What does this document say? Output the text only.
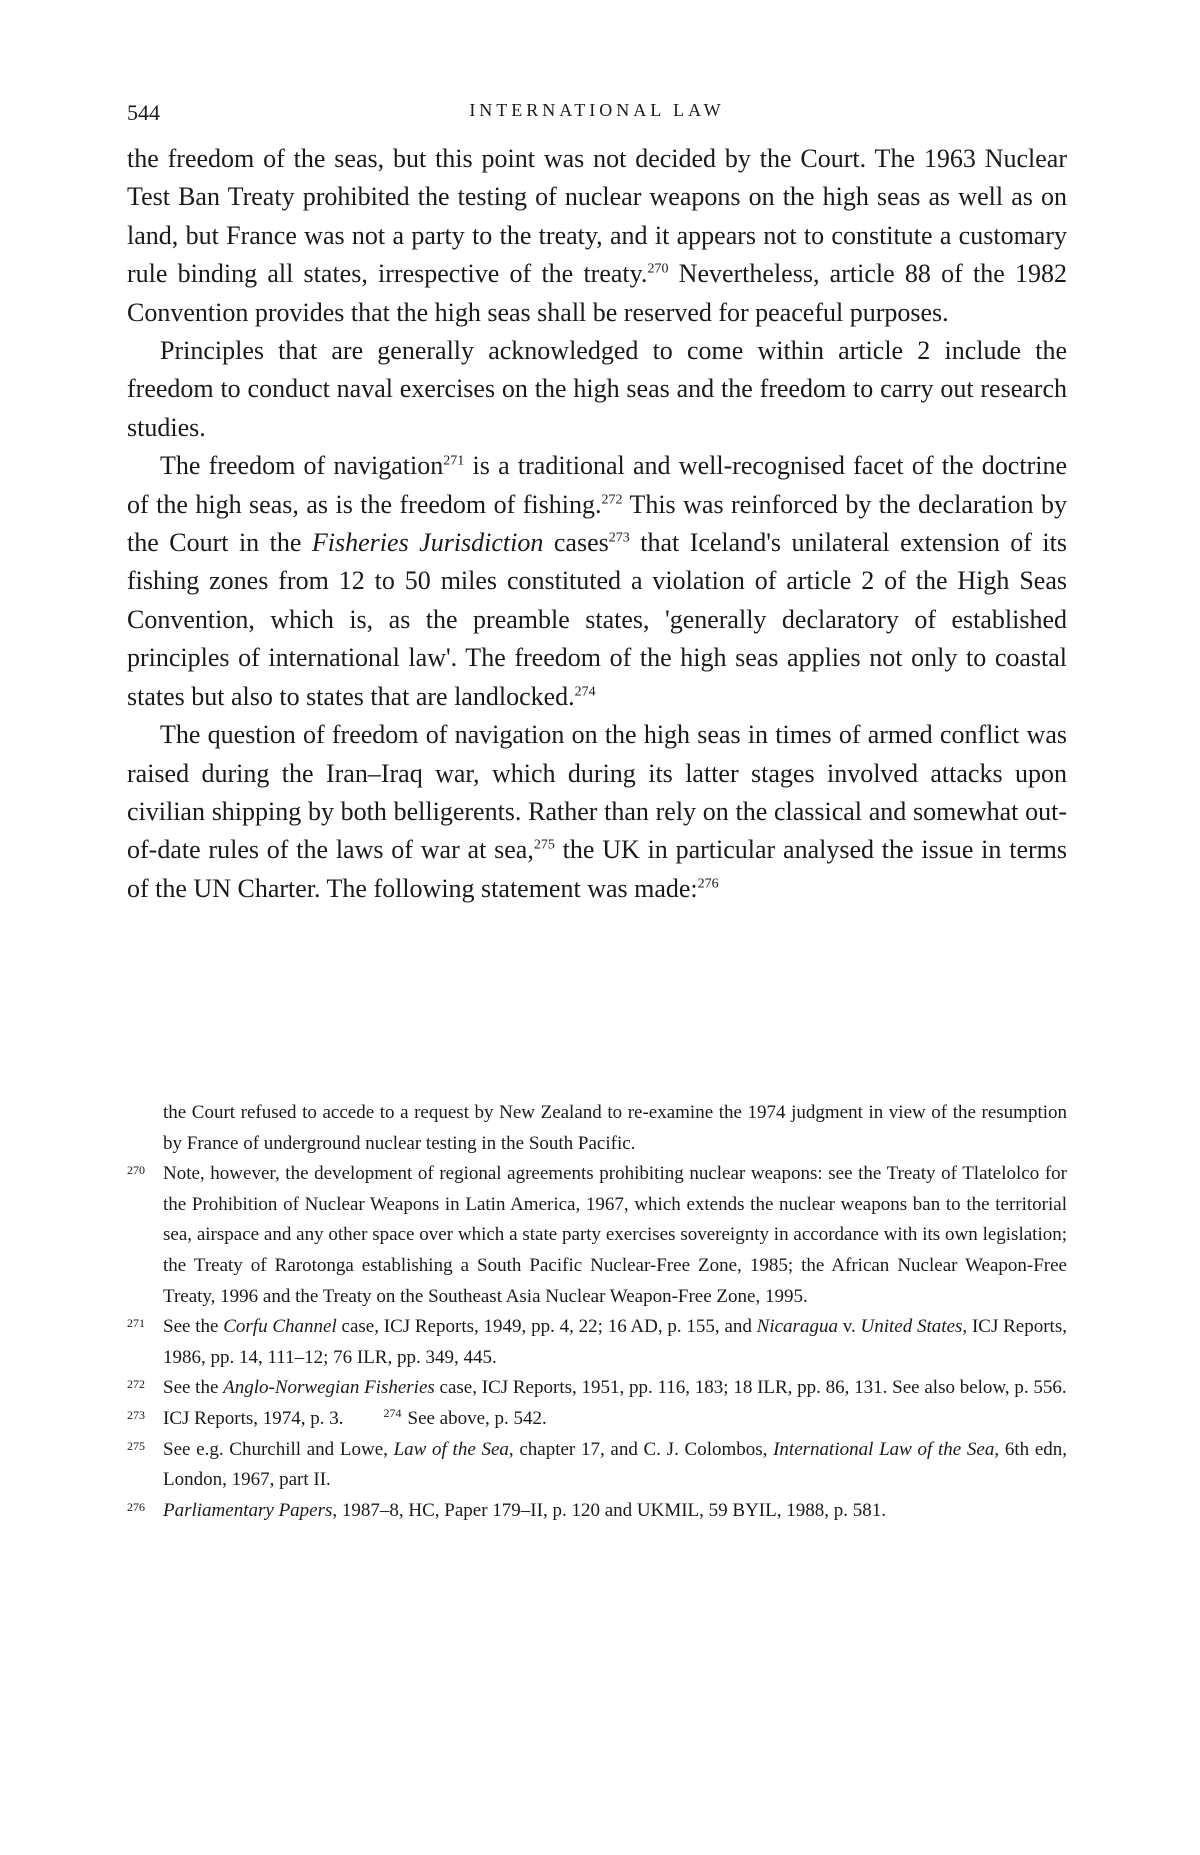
544	INTERNATIONAL LAW

the freedom of the seas, but this point was not decided by the Court. The 1963 Nuclear Test Ban Treaty prohibited the testing of nuclear weapons on the high seas as well as on land, but France was not a party to the treaty, and it appears not to constitute a customary rule binding all states, irrespective of the treaty.$^{270}$ Nevertheless, article 88 of the 1982 Convention provides that the high seas shall be reserved for peaceful purposes.

Principles that are generally acknowledged to come within article 2 include the freedom to conduct naval exercises on the high seas and the freedom to carry out research studies.

The freedom of navigation$^{271}$ is a traditional and well-recognised facet of the doctrine of the high seas, as is the freedom of fishing.$^{272}$ This was reinforced by the declaration by the Court in the Fisheries Jurisdiction cases$^{273}$ that Iceland's unilateral extension of its fishing zones from 12 to 50 miles constituted a violation of article 2 of the High Seas Convention, which is, as the preamble states, 'generally declaratory of established principles of international law'. The freedom of the high seas applies not only to coastal states but also to states that are landlocked.$^{274}$

The question of freedom of navigation on the high seas in times of armed conflict was raised during the Iran–Iraq war, which during its latter stages involved attacks upon civilian shipping by both belligerents. Rather than rely on the classical and somewhat out-of-date rules of the laws of war at sea,$^{275}$ the UK in particular analysed the issue in terms of the UN Charter. The following statement was made:$^{276}$

the Court refused to accede to a request by New Zealand to re-examine the 1974 judgment in view of the resumption by France of underground nuclear testing in the South Pacific.

270 Note, however, the development of regional agreements prohibiting nuclear weapons: see the Treaty of Tlatelolco for the Prohibition of Nuclear Weapons in Latin America, 1967, which extends the nuclear weapons ban to the territorial sea, airspace and any other space over which a state party exercises sovereignty in accordance with its own legislation; the Treaty of Rarotonga establishing a South Pacific Nuclear-Free Zone, 1985; the African Nuclear Weapon-Free Treaty, 1996 and the Treaty on the Southeast Asia Nuclear Weapon-Free Zone, 1995.

271 See the Corfu Channel case, ICJ Reports, 1949, pp. 4, 22; 16 AD, p. 155, and Nicaragua v. United States, ICJ Reports, 1986, pp. 14, 111–12; 76 ILR, pp. 349, 445.

272 See the Anglo-Norwegian Fisheries case, ICJ Reports, 1951, pp. 116, 183; 18 ILR, pp. 86, 131. See also below, p. 556.

273 ICJ Reports, 1974, p. 3.	$^{274}$ See above, p. 542.

275 See e.g. Churchill and Lowe, Law of the Sea, chapter 17, and C. J. Colombos, International Law of the Sea, 6th edn, London, 1967, part II.

276 Parliamentary Papers, 1987–8, HC, Paper 179–II, p. 120 and UKMIL, 59 BYIL, 1988, p. 581.
